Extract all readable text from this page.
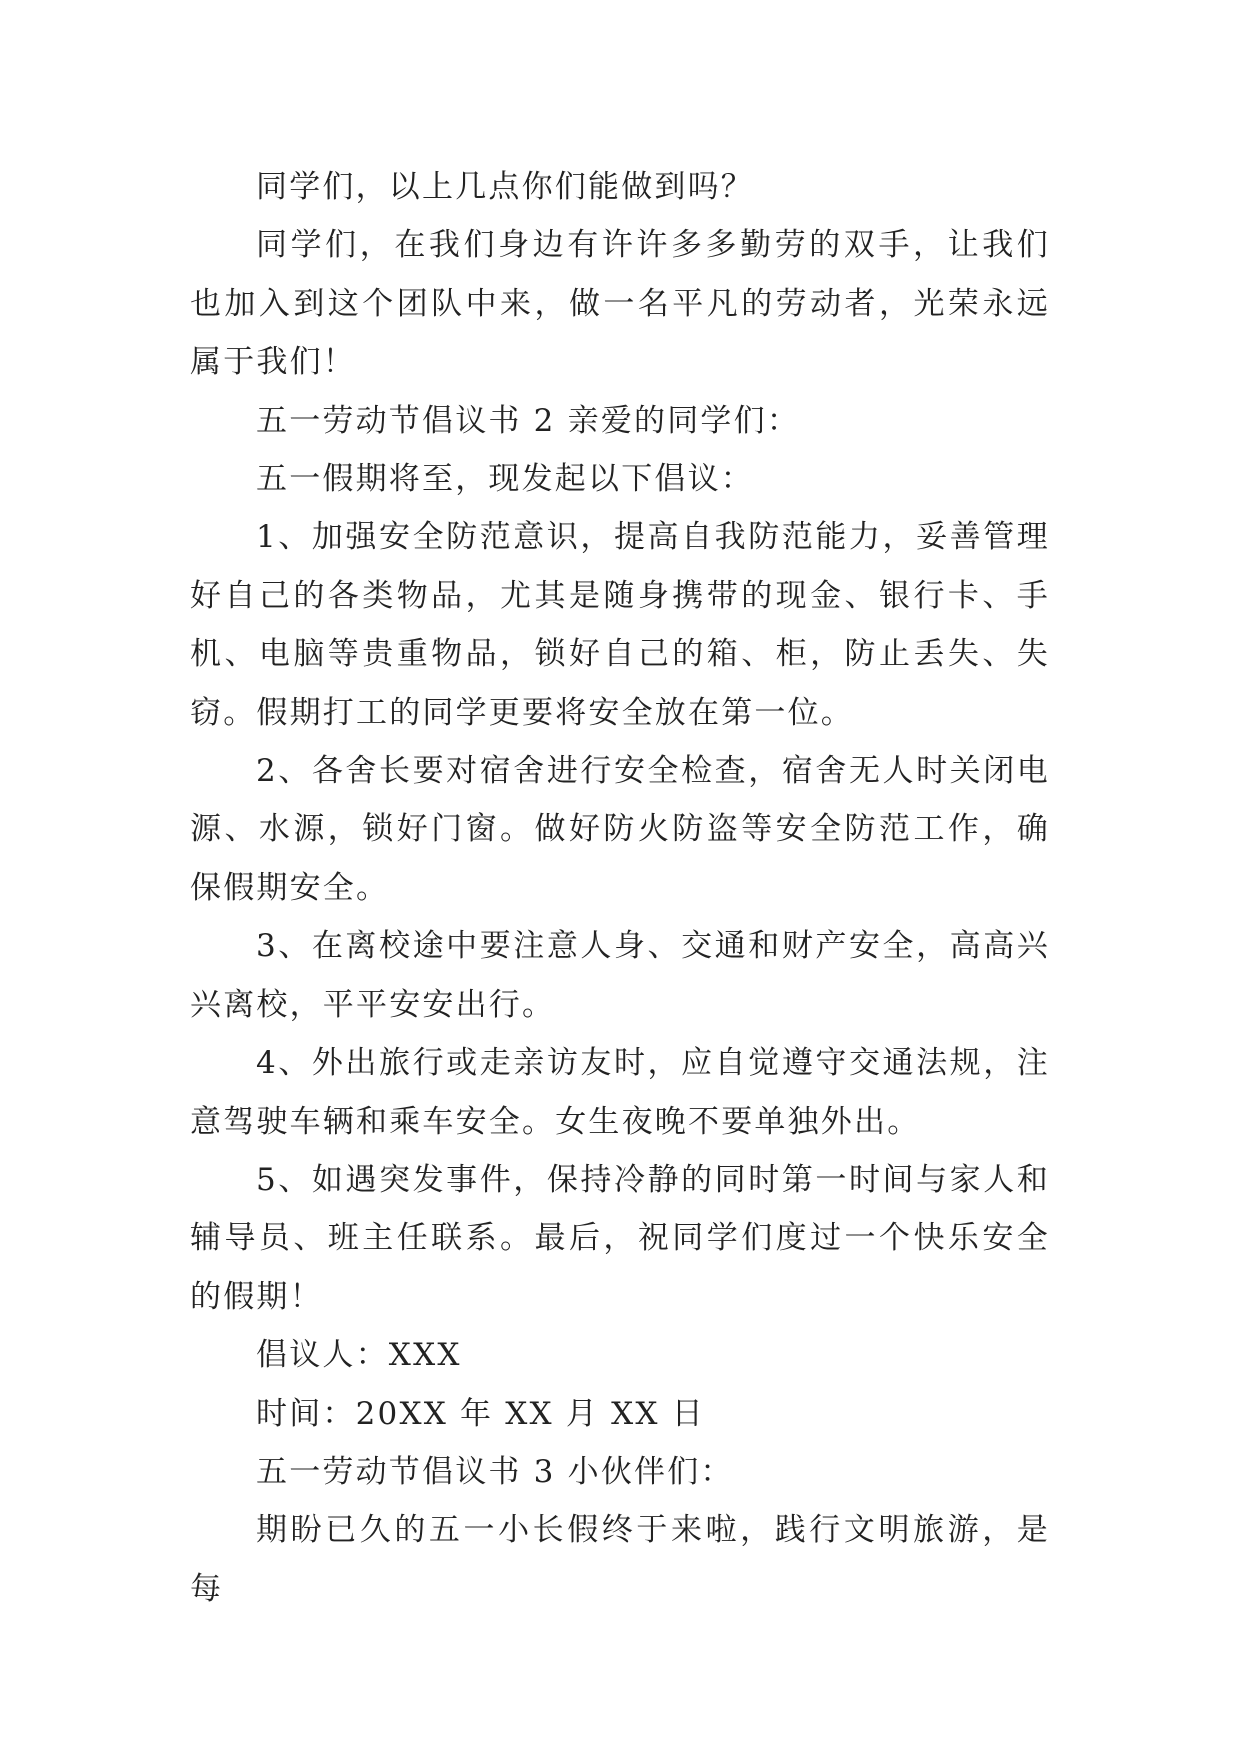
同学们，以上几点你们能做到吗？

同学们，在我们身边有许许多多勤劳的双手，让我们也加入到这个团队中来，做一名平凡的劳动者，光荣永远属于我们！

五一劳动节倡议书 2 亲爱的同学们：

五一假期将至，现发起以下倡议：

1、加强安全防范意识，提高自我防范能力，妥善管理好自己的各类物品，尤其是随身携带的现金、银行卡、手机、电脑等贵重物品，锁好自己的箱、柜，防止丢失、失窃。假期打工的同学更要将安全放在第一位。

2、各舍长要对宿舍进行安全检查，宿舍无人时关闭电源、水源，锁好门窗。做好防火防盗等安全防范工作，确保假期安全。

3、在离校途中要注意人身、交通和财产安全，高高兴兴离校，平平安安出行。

4、外出旅行或走亲访友时，应自觉遵守交通法规，注意驾驶车辆和乘车安全。女生夜晚不要单独外出。

5、如遇突发事件，保持冷静的同时第一时间与家人和辅导员、班主任联系。最后，祝同学们度过一个快乐安全的假期！

倡议人：XXX

时间：20XX 年 XX 月 XX 日

五一劳动节倡议书 3 小伙伴们：

期盼已久的五一小长假终于来啦，践行文明旅游，是每
